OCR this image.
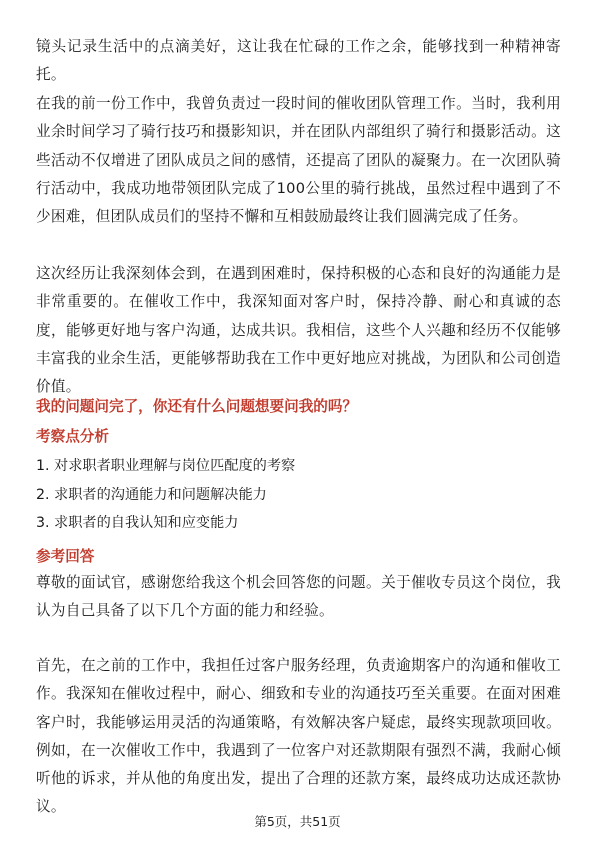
镜头记录生活中的点滴美好，这让我在忙碌的工作之余，能够找到一种精神寄托。

在我的前一份工作中，我曾负责过一段时间的催收团队管理工作。当时，我利用业余时间学习了骑行技巧和摄影知识，并在团队内部组织了骑行和摄影活动。这些活动不仅增进了团队成员之间的感情，还提高了团队的凝聚力。在一次团队骑行活动中，我成功地带领团队完成了100公里的骑行挑战，虽然过程中遇到了不少困难，但团队成员们的坚持不懈和互相鼓励最终让我们圆满完成了任务。

这次经历让我深刻体会到，在遇到困难时，保持积极的心态和良好的沟通能力是非常重要的。在催收工作中，我深知面对客户时，保持冷静、耐心和真诚的态度，能够更好地与客户沟通，达成共识。我相信，这些个人兴趣和经历不仅能够丰富我的业余生活，更能够帮助我在工作中更好地应对挑战，为团队和公司创造价值。

我的问题问完了，你还有什么问题想要问我的吗？

考察点分析

1. 对求职者职业理解与岗位匹配度的考察
2. 求职者的沟通能力和问题解决能力
3. 求职者的自我认知和应变能力

参考回答

尊敬的面试官，感谢您给我这个机会回答您的问题。关于催收专员这个岗位，我认为自己具备了以下几个方面的能力和经验。

首先，在之前的工作中，我担任过客户服务经理，负责逾期客户的沟通和催收工作。我深知在催收过程中，耐心、细致和专业的沟通技巧至关重要。在面对困难客户时，我能够运用灵活的沟通策略，有效解决客户疑虑，最终实现款项回收。例如，在一次催收工作中，我遇到了一位客户对还款期限有强烈不满，我耐心倾听他的诉求，并从他的角度出发，提出了合理的还款方案，最终成功达成还款协议。

第5页，共51页
